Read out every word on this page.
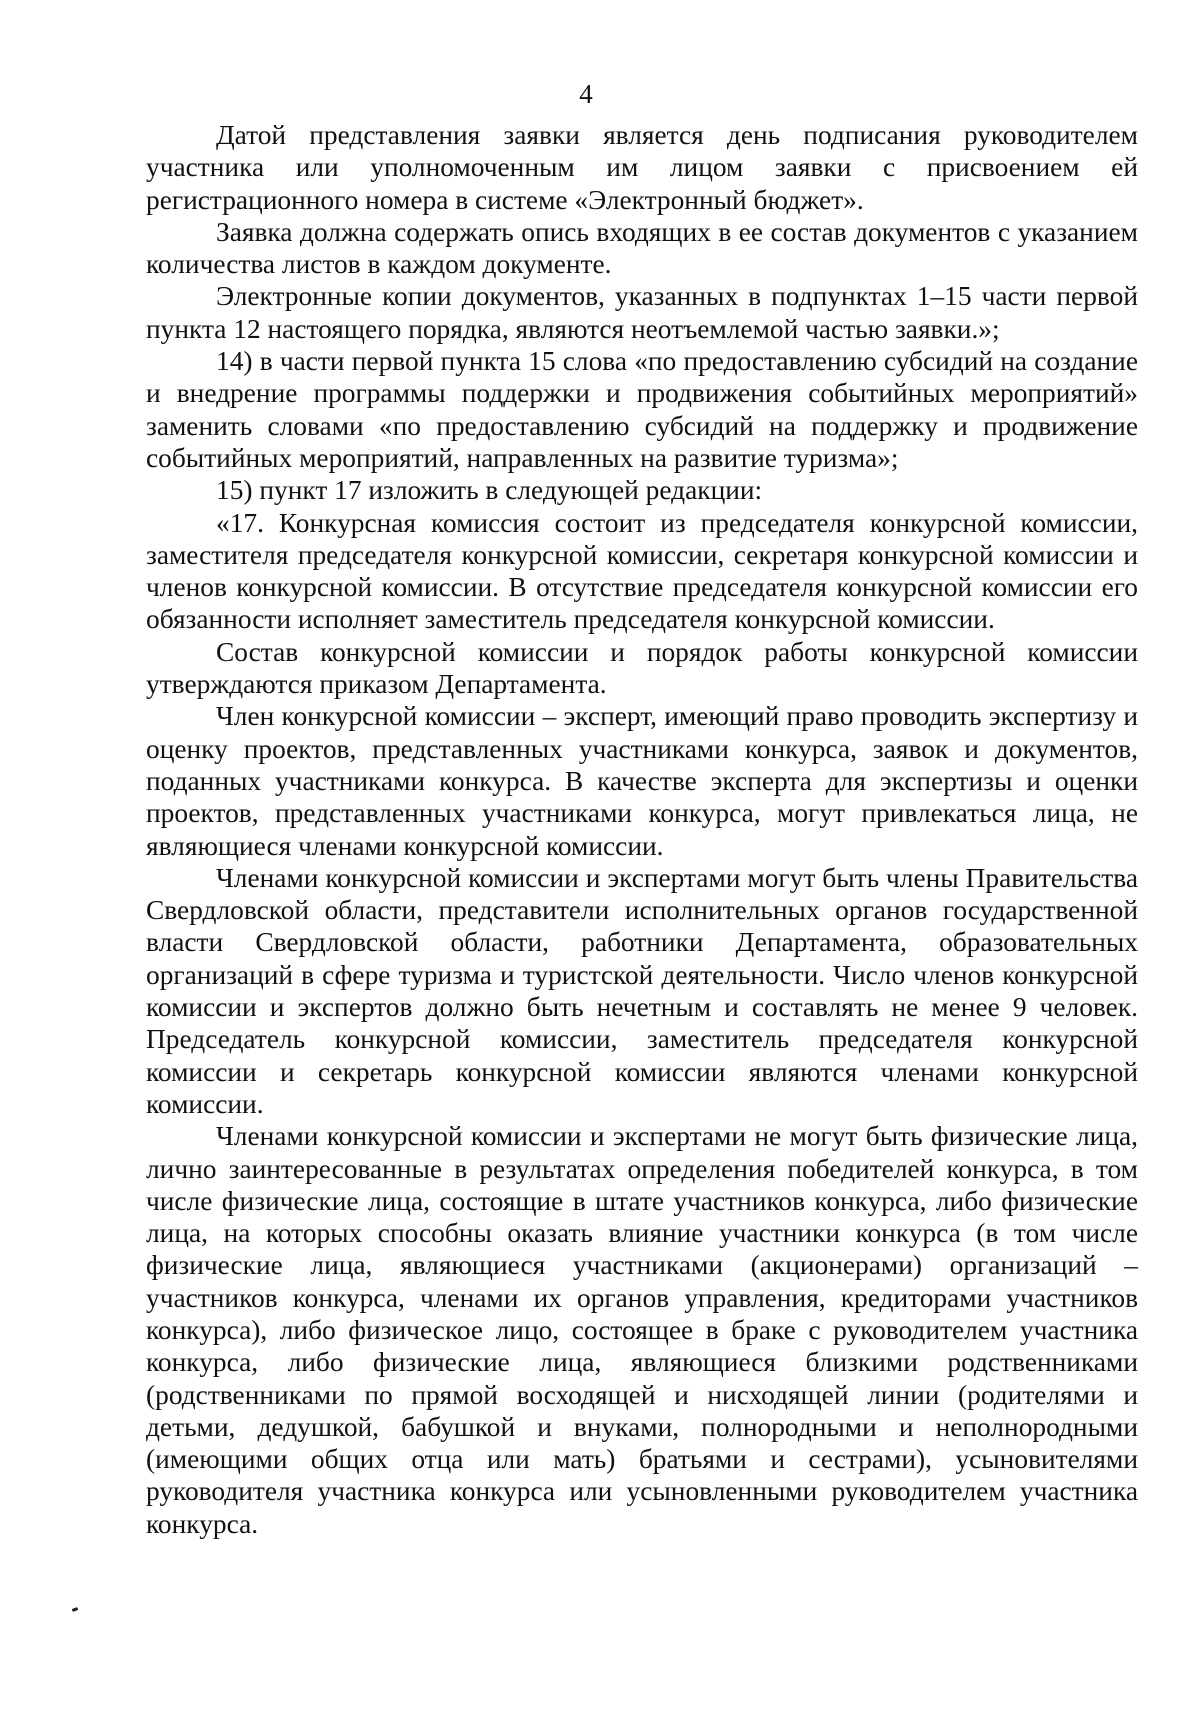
4

Датой представления заявки является день подписания руководителем участника или уполномоченным им лицом заявки с присвоением ей регистрационного номера в системе «Электронный бюджет».

Заявка должна содержать опись входящих в ее состав документов с указанием количества листов в каждом документе.

Электронные копии документов, указанных в подпунктах 1–15 части первой пункта 12 настоящего порядка, являются неотъемлемой частью заявки.»;

14) в части первой пункта 15 слова «по предоставлению субсидий на создание и внедрение программы поддержки и продвижения событийных мероприятий» заменить словами «по предоставлению субсидий на поддержку и продвижение событийных мероприятий, направленных на развитие туризма»;

15) пункт 17 изложить в следующей редакции:

«17. Конкурсная комиссия состоит из председателя конкурсной комиссии, заместителя председателя конкурсной комиссии, секретаря конкурсной комиссии и членов конкурсной комиссии. В отсутствие председателя конкурсной комиссии его обязанности исполняет заместитель председателя конкурсной комиссии.

Состав конкурсной комиссии и порядок работы конкурсной комиссии утверждаются приказом Департамента.

Член конкурсной комиссии – эксперт, имеющий право проводить экспертизу и оценку проектов, представленных участниками конкурса, заявок и документов, поданных участниками конкурса. В качестве эксперта для экспертизы и оценки проектов, представленных участниками конкурса, могут привлекаться лица, не являющиеся членами конкурсной комиссии.

Членами конкурсной комиссии и экспертами могут быть члены Правительства Свердловской области, представители исполнительных органов государственной власти Свердловской области, работники Департамента, образовательных организаций в сфере туризма и туристской деятельности. Число членов конкурсной комиссии и экспертов должно быть нечетным и составлять не менее 9 человек. Председатель конкурсной комиссии, заместитель председателя конкурсной комиссии и секретарь конкурсной комиссии являются членами конкурсной комиссии.

Членами конкурсной комиссии и экспертами не могут быть физические лица, лично заинтересованные в результатах определения победителей конкурса, в том числе физические лица, состоящие в штате участников конкурса, либо физические лица, на которых способны оказать влияние участники конкурса (в том числе физические лица, являющиеся участниками (акционерами) организаций – участников конкурса, членами их органов управления, кредиторами участников конкурса), либо физическое лицо, состоящее в браке с руководителем участника конкурса, либо физические лица, являющиеся близкими родственниками (родственниками по прямой восходящей и нисходящей линии (родителями и детьми, дедушкой, бабушкой и внуками, полнородными и неполнородными (имеющими общих отца или мать) братьями и сестрами), усыновителями руководителя участника конкурса или усыновленными руководителем участника конкурса.
